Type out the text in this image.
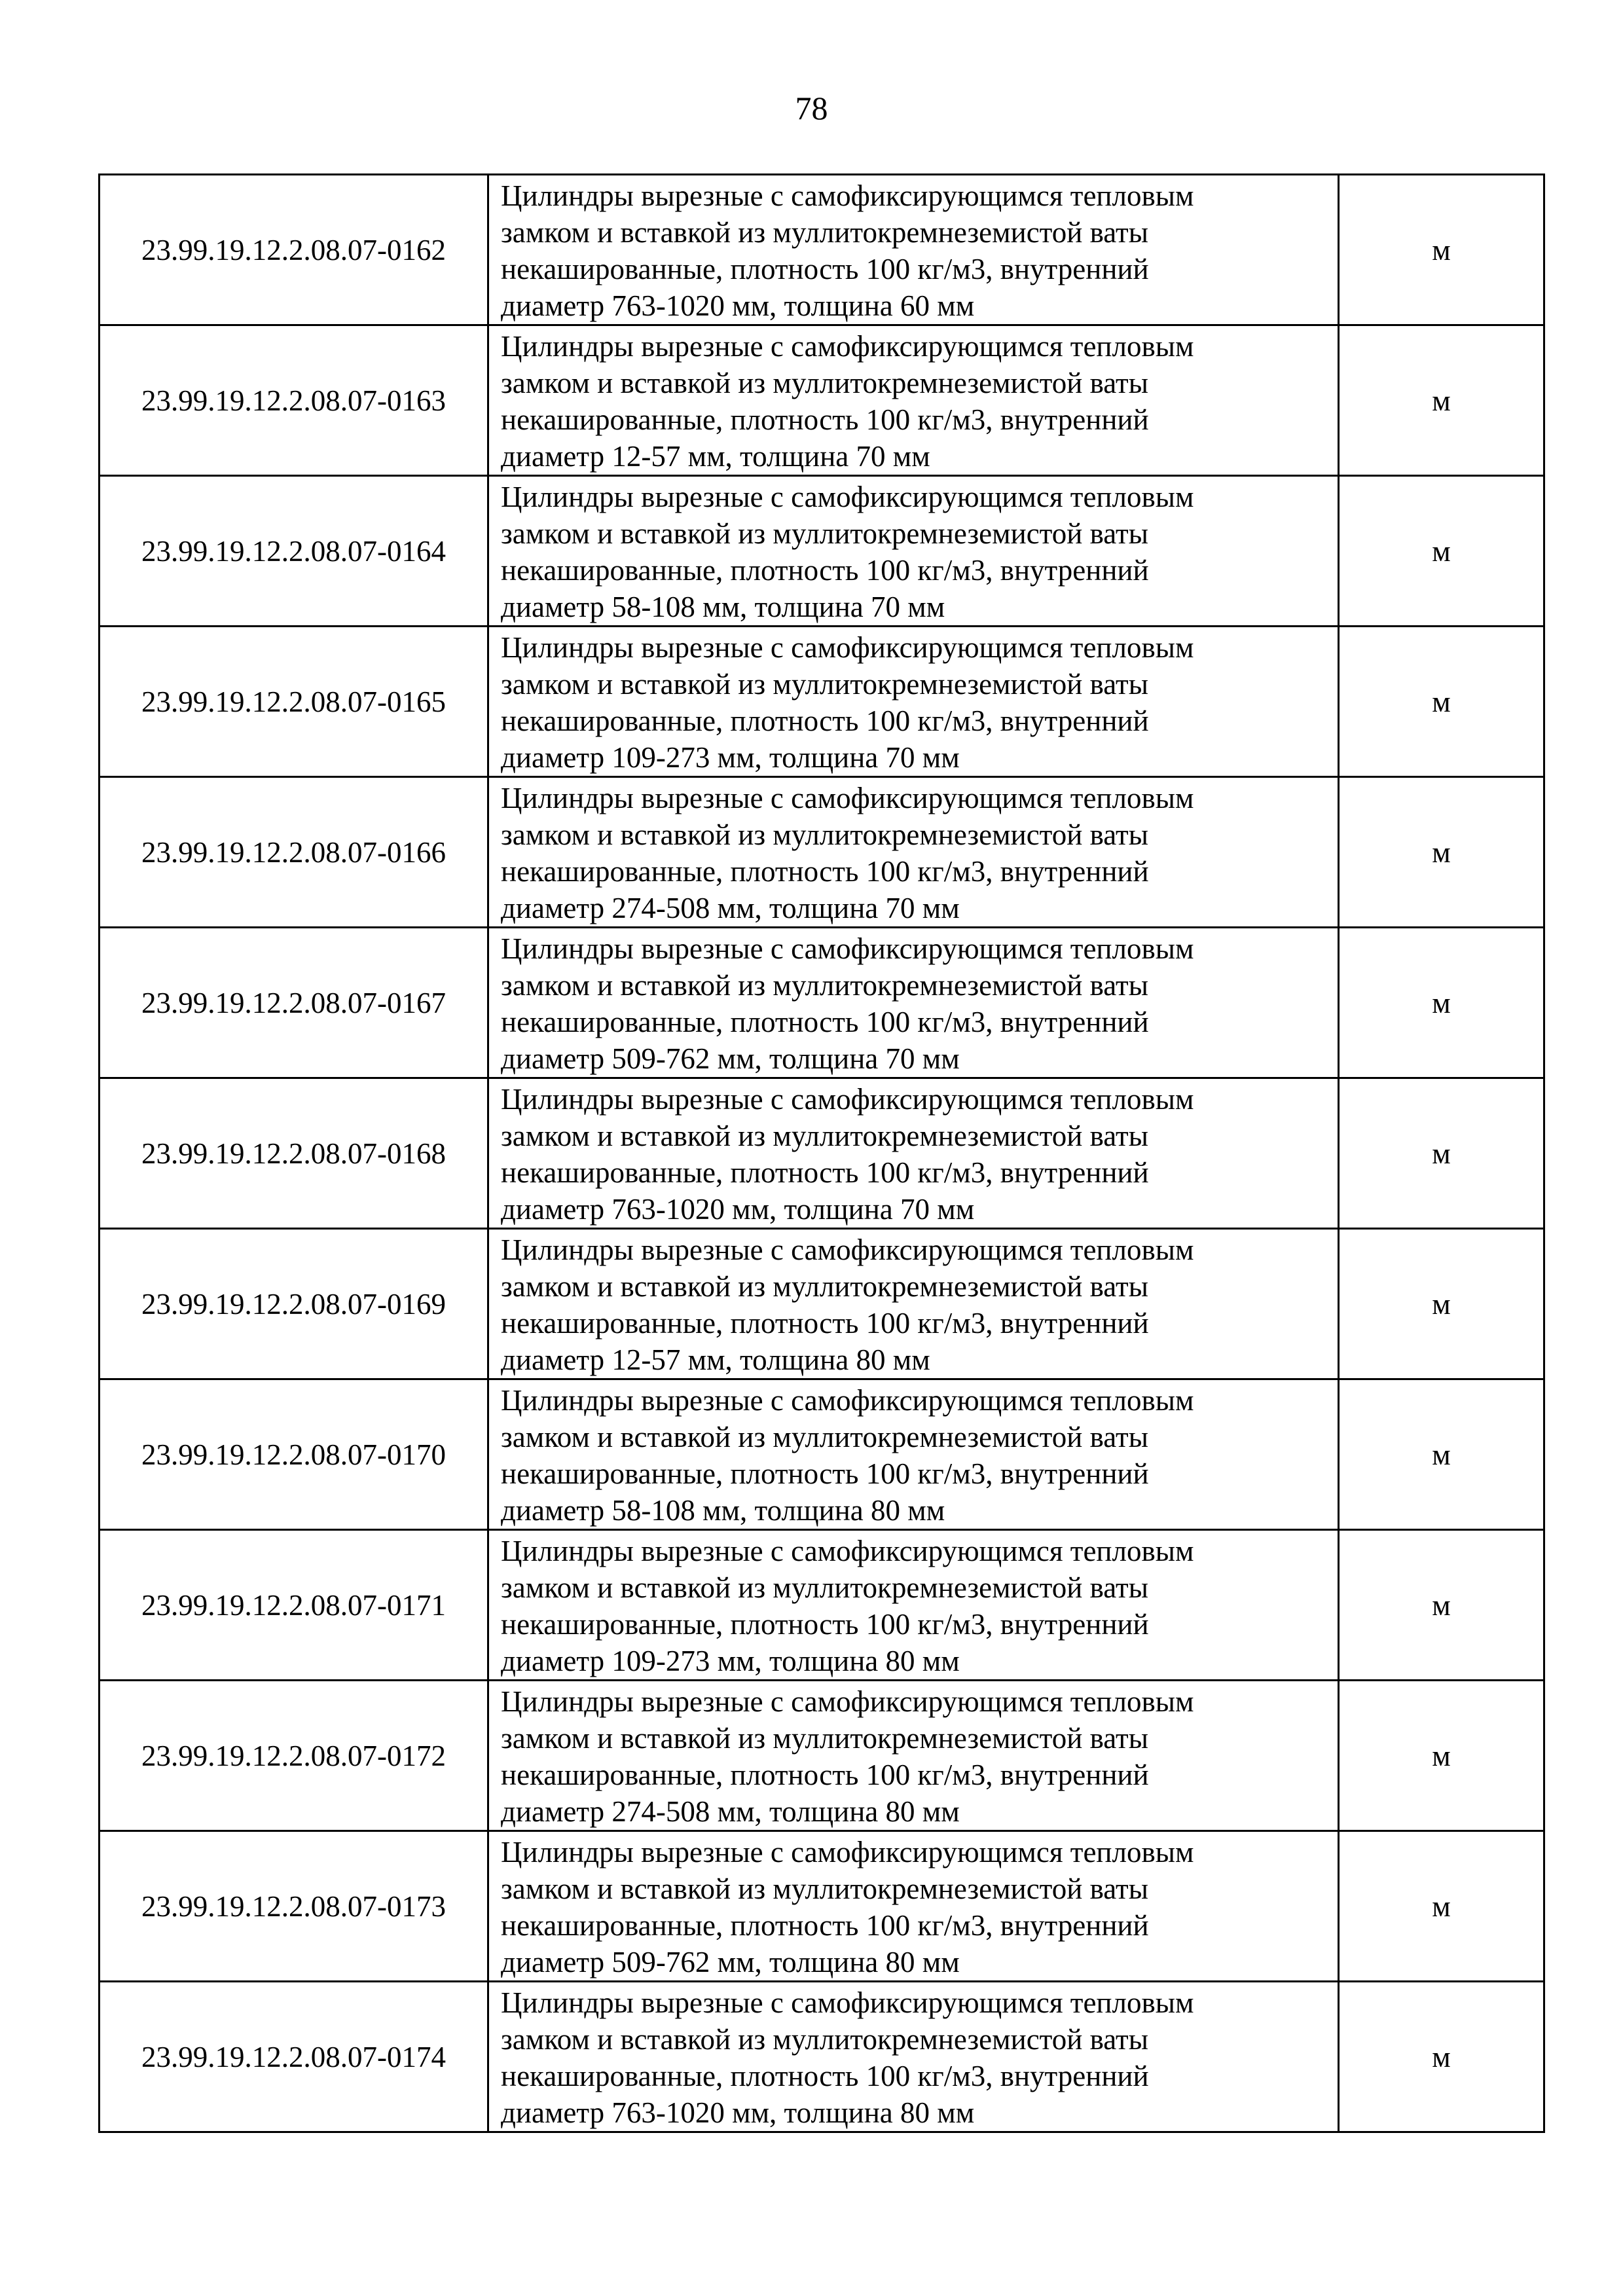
78
23.99.19.12.2.08.07-0162	Цилиндры вырезные с самофиксирующимся тепловым
замком и вставкой из муллитокремнеземистой ваты
некашированные, плотность 100 кг/м3, внутренний
диаметр 763-1020 мм, толщина 60 мм	м
23.99.19.12.2.08.07-0163	Цилиндры вырезные с самофиксирующимся тепловым
замком и вставкой из муллитокремнеземистой ваты
некашированные, плотность 100 кг/м3, внутренний
диаметр 12-57 мм, толщина 70 мм	м
23.99.19.12.2.08.07-0164	Цилиндры вырезные с самофиксирующимся тепловым
замком и вставкой из муллитокремнеземистой ваты
некашированные, плотность 100 кг/м3, внутренний
диаметр 58-108 мм, толщина 70 мм	м
23.99.19.12.2.08.07-0165	Цилиндры вырезные с самофиксирующимся тепловым
замком и вставкой из муллитокремнеземистой ваты
некашированные, плотность 100 кг/м3, внутренний
диаметр 109-273 мм, толщина 70 мм	м
23.99.19.12.2.08.07-0166	Цилиндры вырезные с самофиксирующимся тепловым
замком и вставкой из муллитокремнеземистой ваты
некашированные, плотность 100 кг/м3, внутренний
диаметр 274-508 мм, толщина 70 мм	м
23.99.19.12.2.08.07-0167	Цилиндры вырезные с самофиксирующимся тепловым
замком и вставкой из муллитокремнеземистой ваты
некашированные, плотность 100 кг/м3, внутренний
диаметр 509-762 мм, толщина 70 мм	м
23.99.19.12.2.08.07-0168	Цилиндры вырезные с самофиксирующимся тепловым
замком и вставкой из муллитокремнеземистой ваты
некашированные, плотность 100 кг/м3, внутренний
диаметр 763-1020 мм, толщина 70 мм	м
23.99.19.12.2.08.07-0169	Цилиндры вырезные с самофиксирующимся тепловым
замком и вставкой из муллитокремнеземистой ваты
некашированные, плотность 100 кг/м3, внутренний
диаметр 12-57 мм, толщина 80 мм	м
23.99.19.12.2.08.07-0170	Цилиндры вырезные с самофиксирующимся тепловым
замком и вставкой из муллитокремнеземистой ваты
некашированные, плотность 100 кг/м3, внутренний
диаметр 58-108 мм, толщина 80 мм	м
23.99.19.12.2.08.07-0171	Цилиндры вырезные с самофиксирующимся тепловым
замком и вставкой из муллитокремнеземистой ваты
некашированные, плотность 100 кг/м3, внутренний
диаметр 109-273 мм, толщина 80 мм	м
23.99.19.12.2.08.07-0172	Цилиндры вырезные с самофиксирующимся тепловым
замком и вставкой из муллитокремнеземистой ваты
некашированные, плотность 100 кг/м3, внутренний
диаметр 274-508 мм, толщина 80 мм	м
23.99.19.12.2.08.07-0173	Цилиндры вырезные с самофиксирующимся тепловым
замком и вставкой из муллитокремнеземистой ваты
некашированные, плотность 100 кг/м3, внутренний
диаметр 509-762 мм, толщина 80 мм	м
23.99.19.12.2.08.07-0174	Цилиндры вырезные с самофиксирующимся тепловым
замком и вставкой из муллитокремнеземистой ваты
некашированные, плотность 100 кг/м3, внутренний
диаметр 763-1020 мм, толщина 80 мм	м
